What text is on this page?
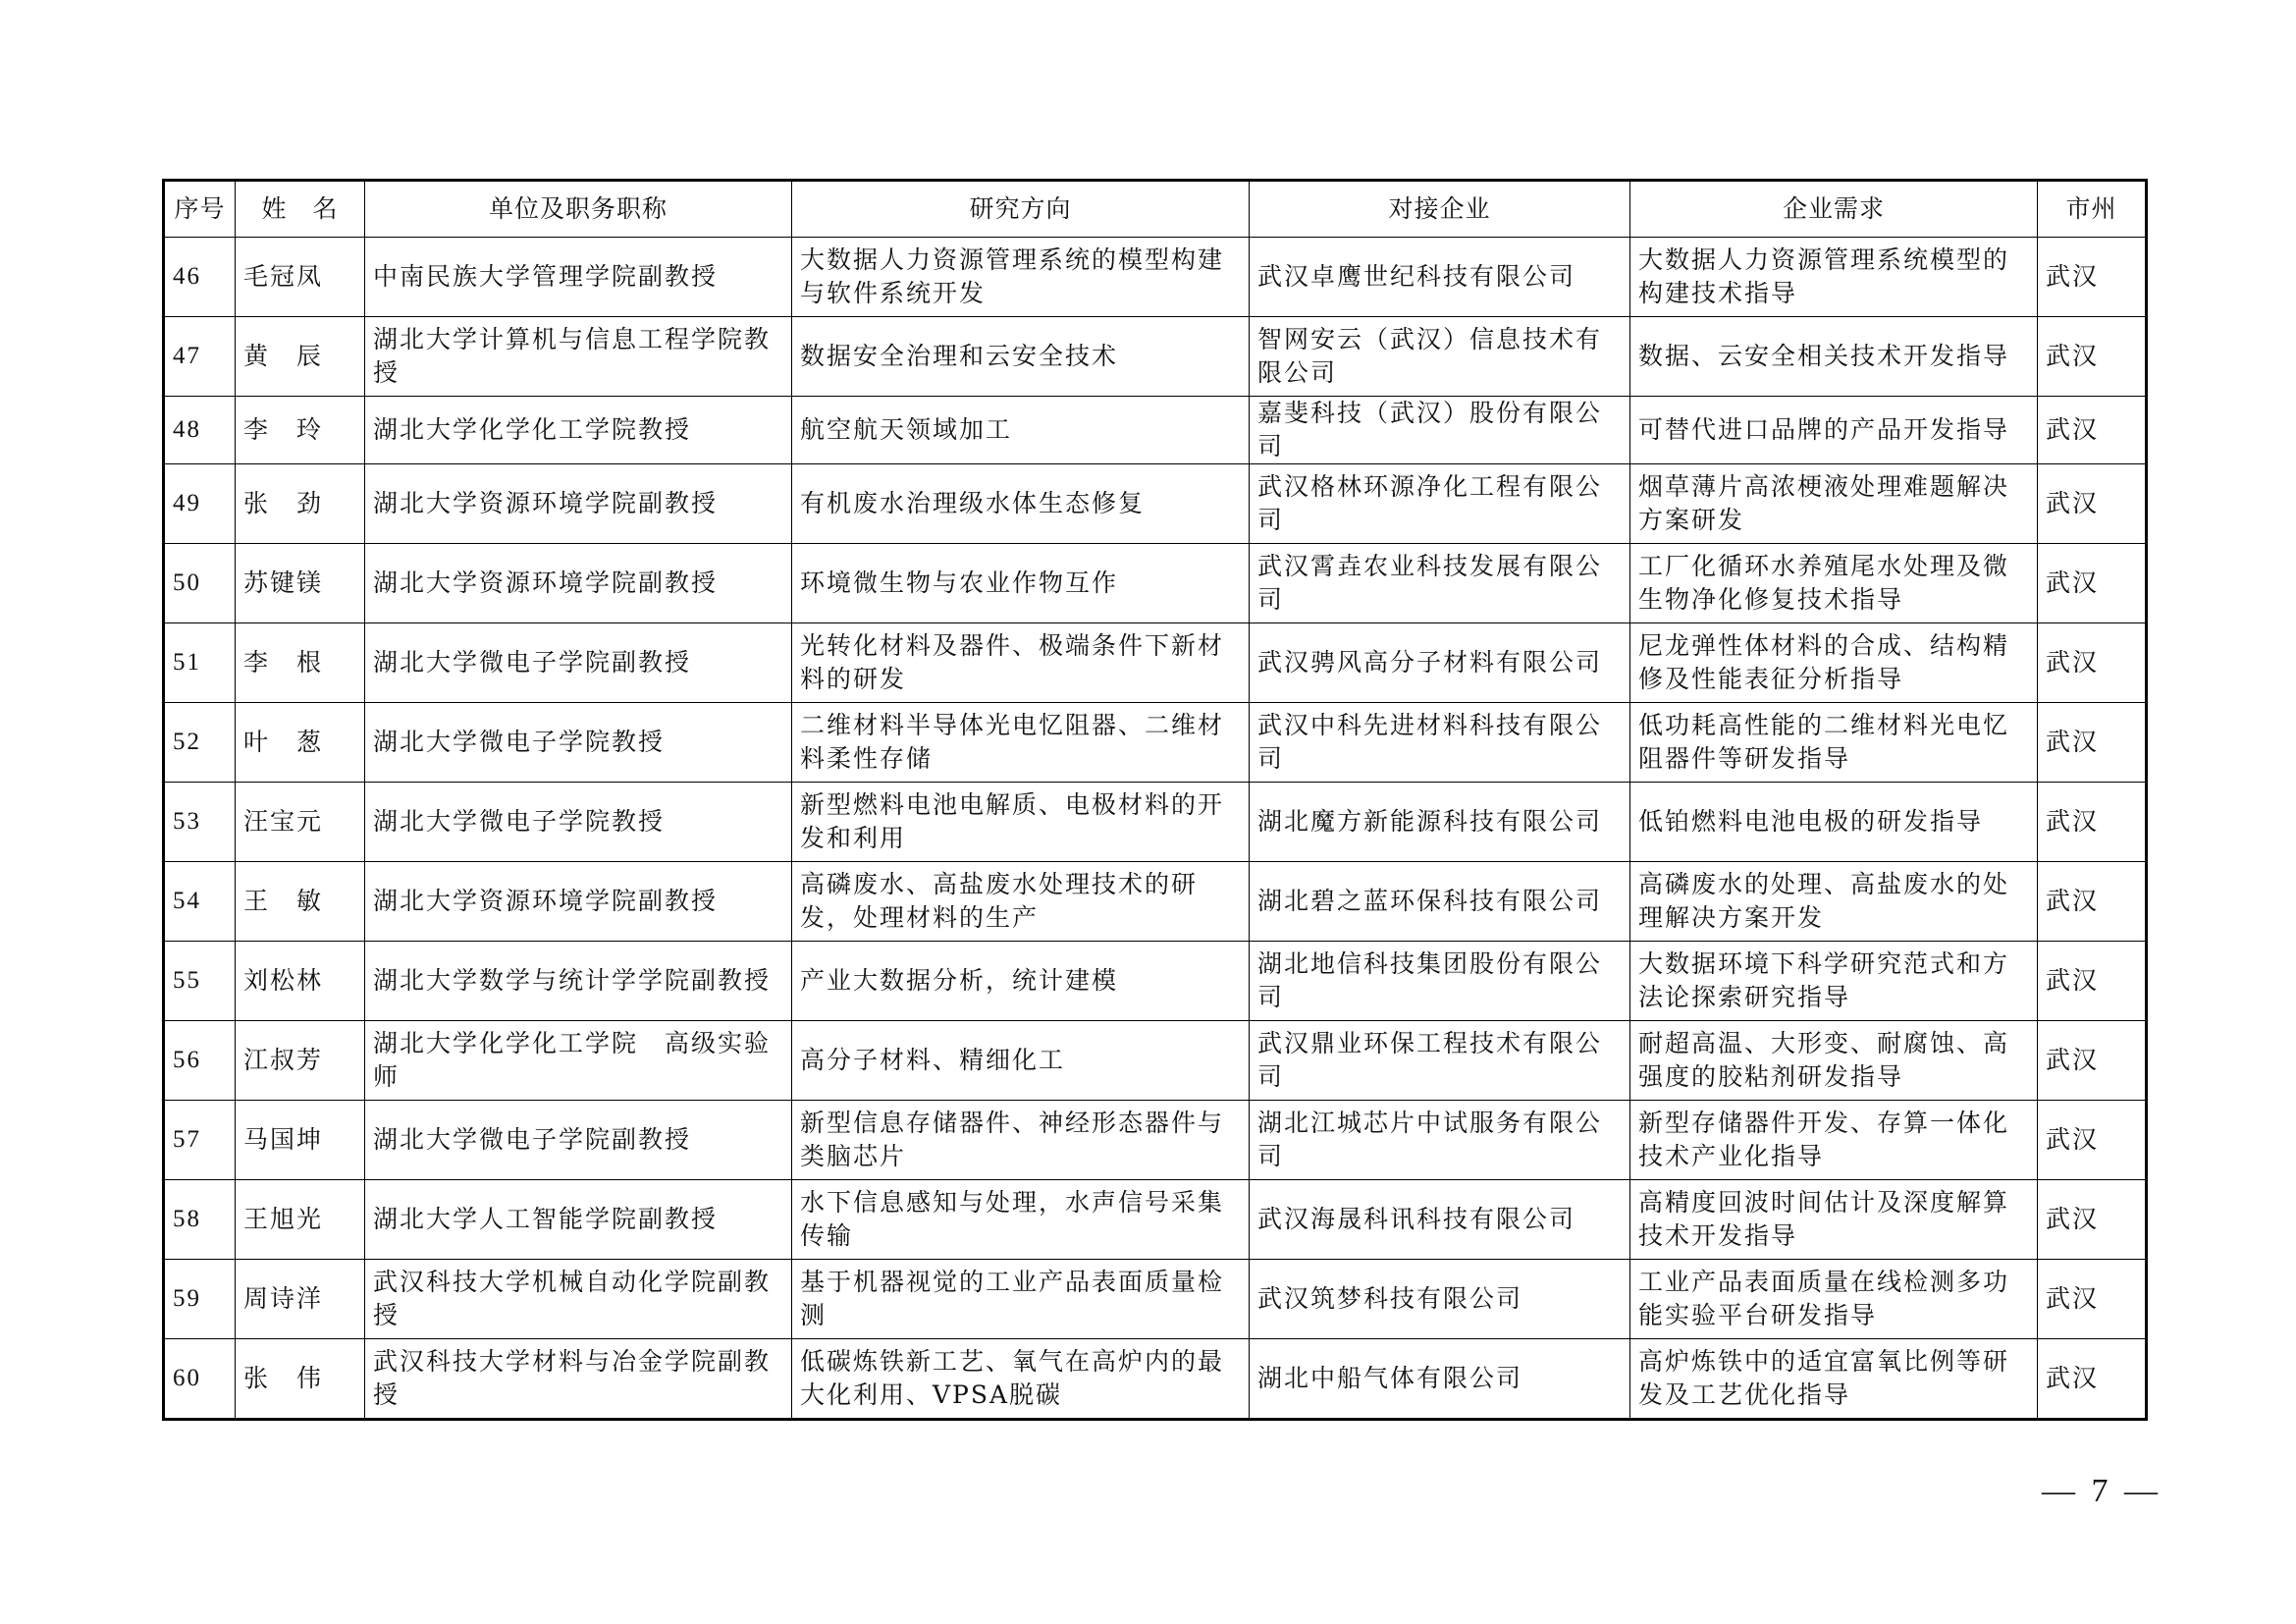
序号	姓　名	单位及职务职称	研究方向	对接企业	企业需求	市州
46	毛冠凤	中南民族大学管理学院副教授	大数据人力资源管理系统的模型构建与软件系统开发	武汉卓鹰世纪科技有限公司	大数据人力资源管理系统模型的构建技术指导	武汉
47	黄　辰	湖北大学计算机与信息工程学院教授	数据安全治理和云安全技术	智网安云（武汉）信息技术有限公司	数据、云安全相关技术开发指导	武汉
48	李　玲	湖北大学化学化工学院教授	航空航天领域加工	嘉斐科技（武汉）股份有限公司	可替代进口品牌的产品开发指导	武汉
49	张　劲	湖北大学资源环境学院副教授	有机废水治理级水体生态修复	武汉格林环源净化工程有限公司	烟草薄片高浓梗液处理难题解决方案研发	武汉
50	苏键镁	湖北大学资源环境学院副教授	环境微生物与农业作物互作	武汉霄垚农业科技发展有限公司	工厂化循环水养殖尾水处理及微生物净化修复技术指导	武汉
51	李　根	湖北大学微电子学院副教授	光转化材料及器件、极端条件下新材料的研发	武汉骋风高分子材料有限公司	尼龙弹性体材料的合成、结构精修及性能表征分析指导	武汉
52	叶　葱	湖北大学微电子学院教授	二维材料半导体光电忆阻器、二维材料柔性存储	武汉中科先进材料科技有限公司	低功耗高性能的二维材料光电忆阻器件等研发指导	武汉
53	汪宝元	湖北大学微电子学院教授	新型燃料电池电解质、电极材料的开发和利用	湖北魔方新能源科技有限公司	低铂燃料电池电极的研发指导	武汉
54	王　敏	湖北大学资源环境学院副教授	高磷废水、高盐废水处理技术的研发，处理材料的生产	湖北碧之蓝环保科技有限公司	高磷废水的处理、高盐废水的处理解决方案开发	武汉
55	刘松林	湖北大学数学与统计学学院副教授	产业大数据分析，统计建模	湖北地信科技集团股份有限公司	大数据环境下科学研究范式和方法论探索研究指导	武汉
56	江叔芳	湖北大学化学化工学院　高级实验师	高分子材料、精细化工	武汉鼎业环保工程技术有限公司	耐超高温、大形变、耐腐蚀、高强度的胶粘剂研发指导	武汉
57	马国坤	湖北大学微电子学院副教授	新型信息存储器件、神经形态器件与类脑芯片	湖北江城芯片中试服务有限公司	新型存储器件开发、存算一体化技术产业化指导	武汉
58	王旭光	湖北大学人工智能学院副教授	水下信息感知与处理，水声信号采集传输	武汉海晟科讯科技有限公司	高精度回波时间估计及深度解算技术开发指导	武汉
59	周诗洋	武汉科技大学机械自动化学院副教授	基于机器视觉的工业产品表面质量检测	武汉筑梦科技有限公司	工业产品表面质量在线检测多功能实验平台研发指导	武汉
60	张　伟	武汉科技大学材料与冶金学院副教授	低碳炼铁新工艺、氧气在高炉内的最大化利用、VPSA脱碳	湖北中船气体有限公司	高炉炼铁中的适宜富氧比例等研发及工艺优化指导	武汉
— 7 —
